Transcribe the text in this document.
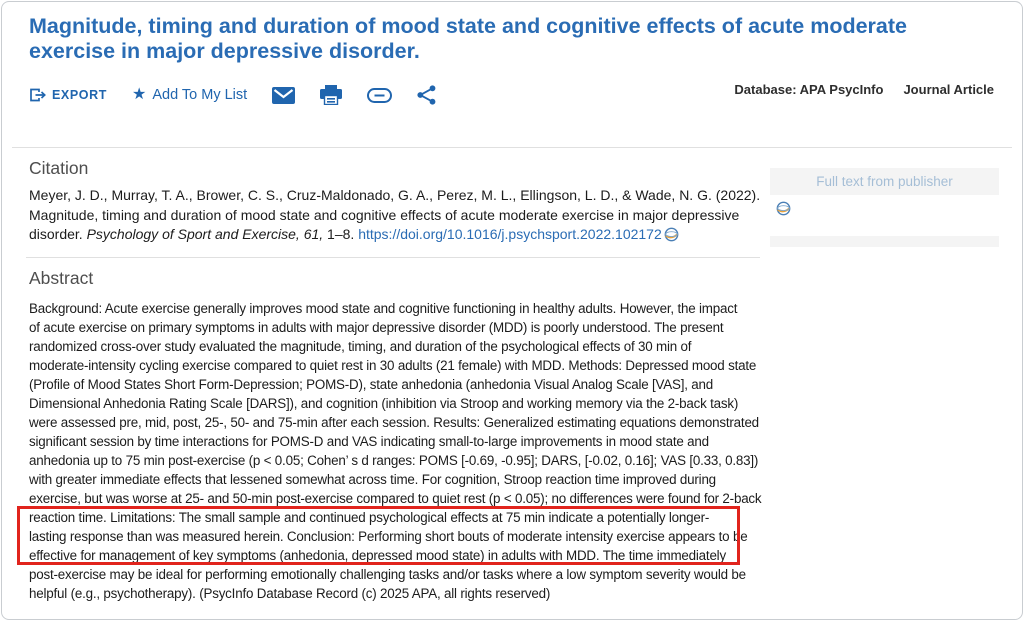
Magnitude, timing and duration of mood state and cognitive effects of acute moderate exercise in major depressive disorder.
EXPORT ★ Add To My List	Database: APA PsycInfo Journal Article
Citation

Meyer, J. D., Murray, T. A., Brower, C. S., Cruz-Maldonado, G. A., Perez, M. L., Ellingson, L. D., & Wade, N. G. (2022). Magnitude, timing and duration of mood state and cognitive effects of acute moderate exercise in major depressive disorder. Psychology of Sport and Exercise, 61, 1–8. https://doi.org/10.1016/j.psychsport.2022.102172

Full text from publisher
Abstract
Background: Acute exercise generally improves mood state and cognitive functioning in healthy adults. However, the impact
of acute exercise on primary symptoms in adults with major depressive disorder (MDD) is poorly understood. The present
randomized cross-over study evaluated the magnitude, timing, and duration of the psychological effects of 30 min of
moderate-intensity cycling exercise compared to quiet rest in 30 adults (21 female) with MDD. Methods: Depressed mood state
(Profile of Mood States Short Form-Depression; POMS-D), state anhedonia (anhedonia Visual Analog Scale [VAS], and
Dimensional Anhedonia Rating Scale [DARS]), and cognition (inhibition via Stroop and working memory via the 2-back task)
were assessed pre, mid, post, 25-, 50- and 75-min after each session. Results: Generalized estimating equations demonstrated
significant session by time interactions for POMS-D and VAS indicating small-to-large improvements in mood state and
anhedonia up to 75 min post-exercise (p < 0.05; Cohen’ s d ranges: POMS [-0.69, -0.95]; DARS, [-0.02, 0.16]; VAS [0.33, 0.83])
with greater immediate effects that lessened somewhat across time. For cognition, Stroop reaction time improved during
exercise, but was worse at 25- and 50-min post-exercise compared to quiet rest (p < 0.05); no differences were found for 2-back
reaction time. Limitations: The small sample and continued psychological effects at 75 min indicate a potentially longer-
lasting response than was measured herein. Conclusion: Performing short bouts of moderate intensity exercise appears to be
effective for management of key symptoms (anhedonia, depressed mood state) in adults with MDD. The time immediately
post-exercise may be ideal for performing emotionally challenging tasks and/or tasks where a low symptom severity would be
helpful (e.g., psychotherapy). (PsycInfo Database Record (c) 2025 APA, all rights reserved)
